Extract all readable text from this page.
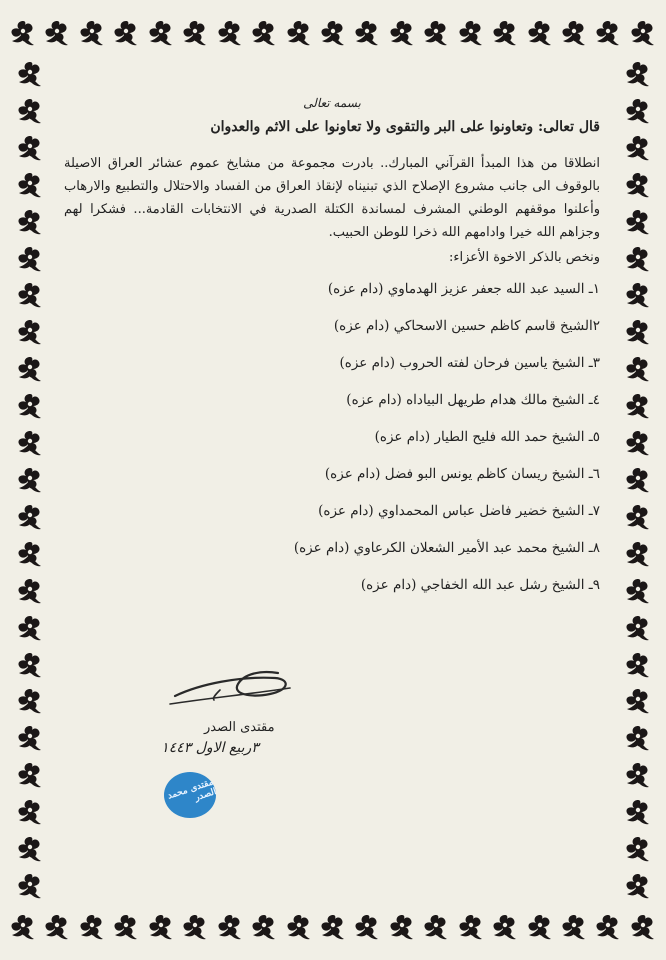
بسمه تعالى

قال تعالى: وتعاونوا على البر والتقوى ولا تعاونوا على الاثم والعدوان

انطلاقا من هذا المبدأ القرآني المبارك.. بادرت مجموعة من مشايخ عموم عشائر العراق الاصيلة بالوقوف الى جانب مشروع الإصلاح الذي تبنيناه لإنقاذ العراق من الفساد والاحتلال والتطبيع والارهاب وأعلنوا موقفهم الوطني المشرف لمساندة الكتلة الصدرية في الانتخابات القادمة... فشكرا لهم وجزاهم الله خيرا وادامهم الله ذخرا للوطن الحبيب.

ونخص بالذكر الاخوة الأعزاء:

١ـ السيد عبد الله جعفر عزيز الهدماوي (دام عزه)
٢الشيخ قاسم كاظم حسين الاسحاكي (دام عزه)
٣ـ الشيخ ياسين فرحان لفته الحروب (دام عزه)
٤ـ الشيخ مالك هدام طريهل البياداه (دام عزه)
٥ـ الشيخ حمد الله فليح الطيار (دام عزه)
٦ـ الشيخ ريسان كاظم يونس البو فضل (دام عزه)
٧ـ الشيخ خضير فاضل عباس المحمداوي (دام عزه)
٨ـ الشيخ محمد عبد الأمير الشعلان الكرعاوي (دام عزه)
٩ـ الشيخ رشل عبد الله الخفاجي (دام عزه)
مقتدى الصدر
٣ربيع الاول ١٤٤٣
مقتدى محمد الصدر
